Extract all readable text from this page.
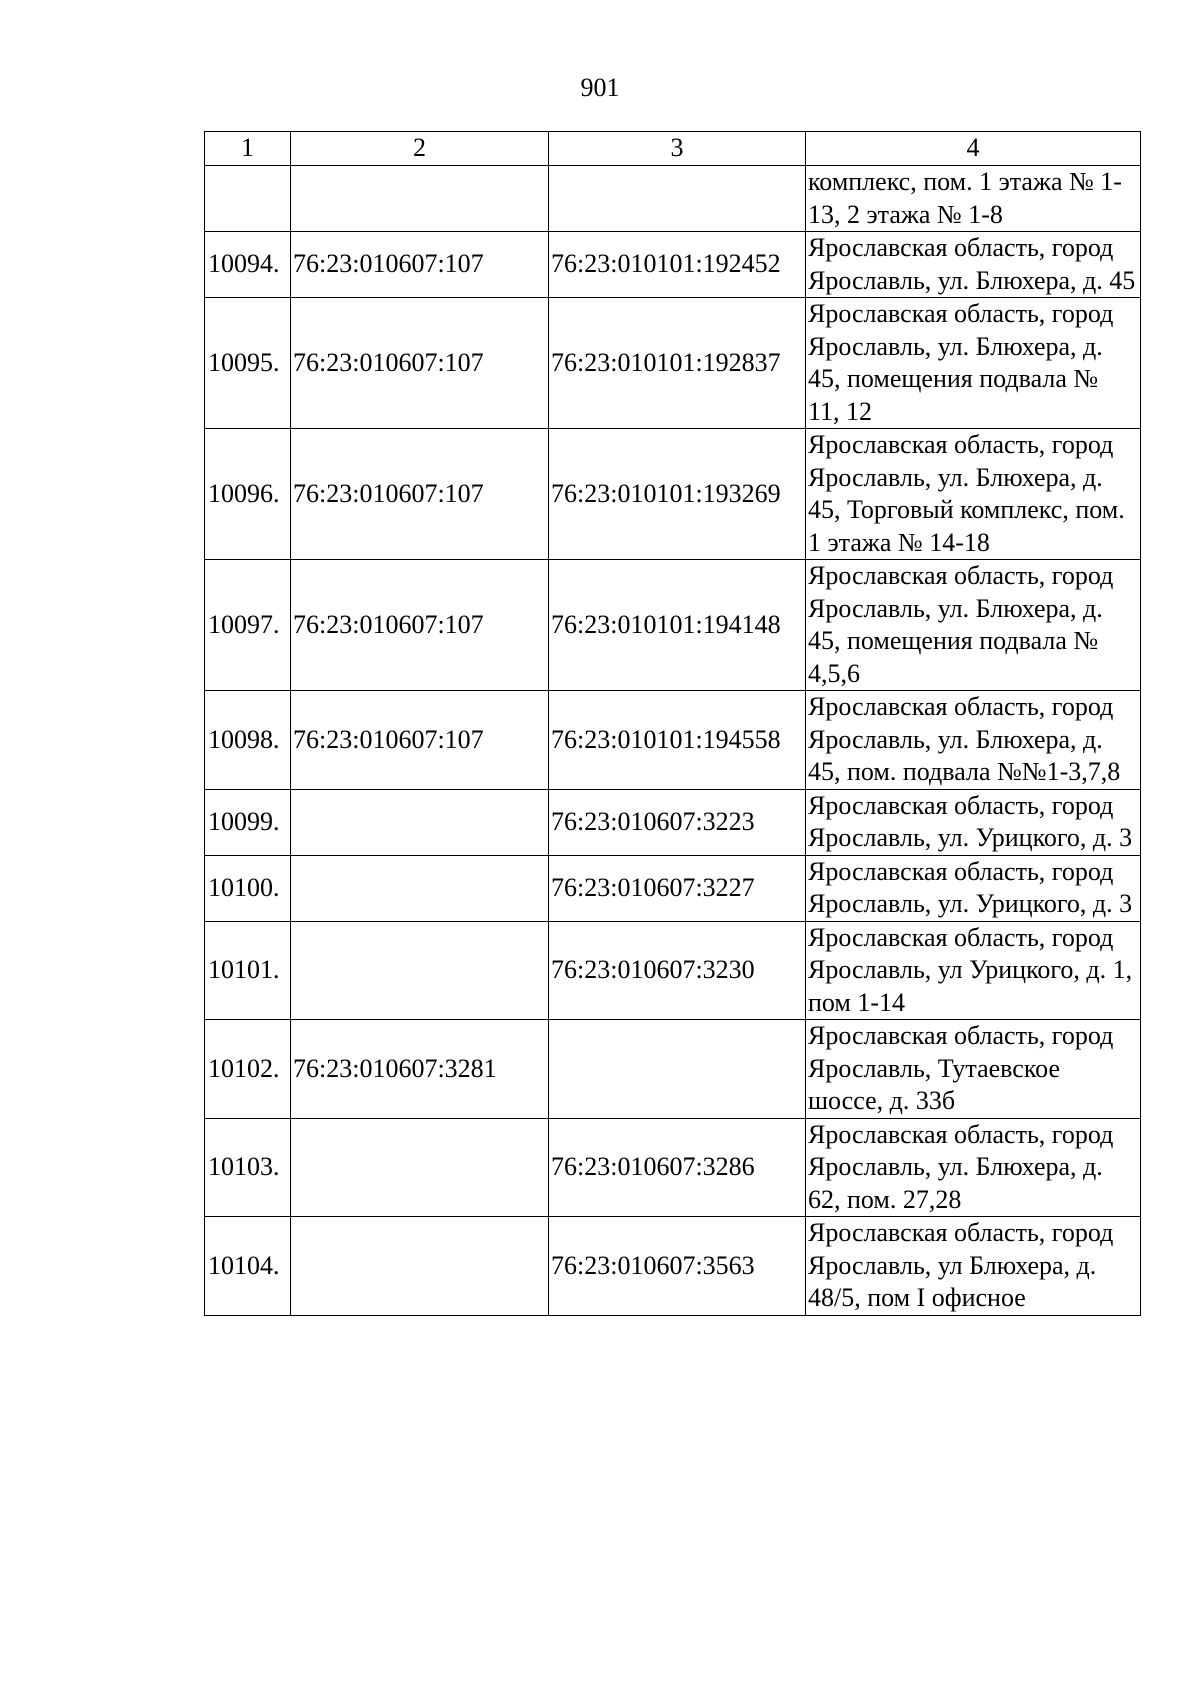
901
1	2	3	4
			комплекс, пом. 1 этажа № 1-13, 2 этажа № 1-8
10094.	76:23:010607:107	76:23:010101:192452	Ярославская область, город Ярославль, ул. Блюхера, д. 45
10095.	76:23:010607:107	76:23:010101:192837	Ярославская область, город Ярославль, ул. Блюхера, д. 45, помещения подвала № 11, 12
10096.	76:23:010607:107	76:23:010101:193269	Ярославская область, город Ярославль, ул. Блюхера, д. 45, Торговый комплекс, пом. 1 этажа № 14-18
10097.	76:23:010607:107	76:23:010101:194148	Ярославская область, город Ярославль, ул. Блюхера, д. 45, помещения подвала № 4,5,6
10098.	76:23:010607:107	76:23:010101:194558	Ярославская область, город Ярославль, ул. Блюхера, д. 45, пом. подвала №№1-3,7,8
10099.		76:23:010607:3223	Ярославская область, город Ярославль, ул. Урицкого, д. 3
10100.		76:23:010607:3227	Ярославская область, город Ярославль, ул. Урицкого, д. 3
10101.		76:23:010607:3230	Ярославская область, город Ярославль, ул Урицкого, д. 1, пом 1-14
10102.	76:23:010607:3281		Ярославская область, город Ярославль, Тутаевское шоссе, д. 33б
10103.		76:23:010607:3286	Ярославская область, город Ярославль, ул. Блюхера, д. 62, пом. 27,28
10104.		76:23:010607:3563	Ярославская область, город Ярославль, ул Блюхера, д. 48/5, пом I офисное
